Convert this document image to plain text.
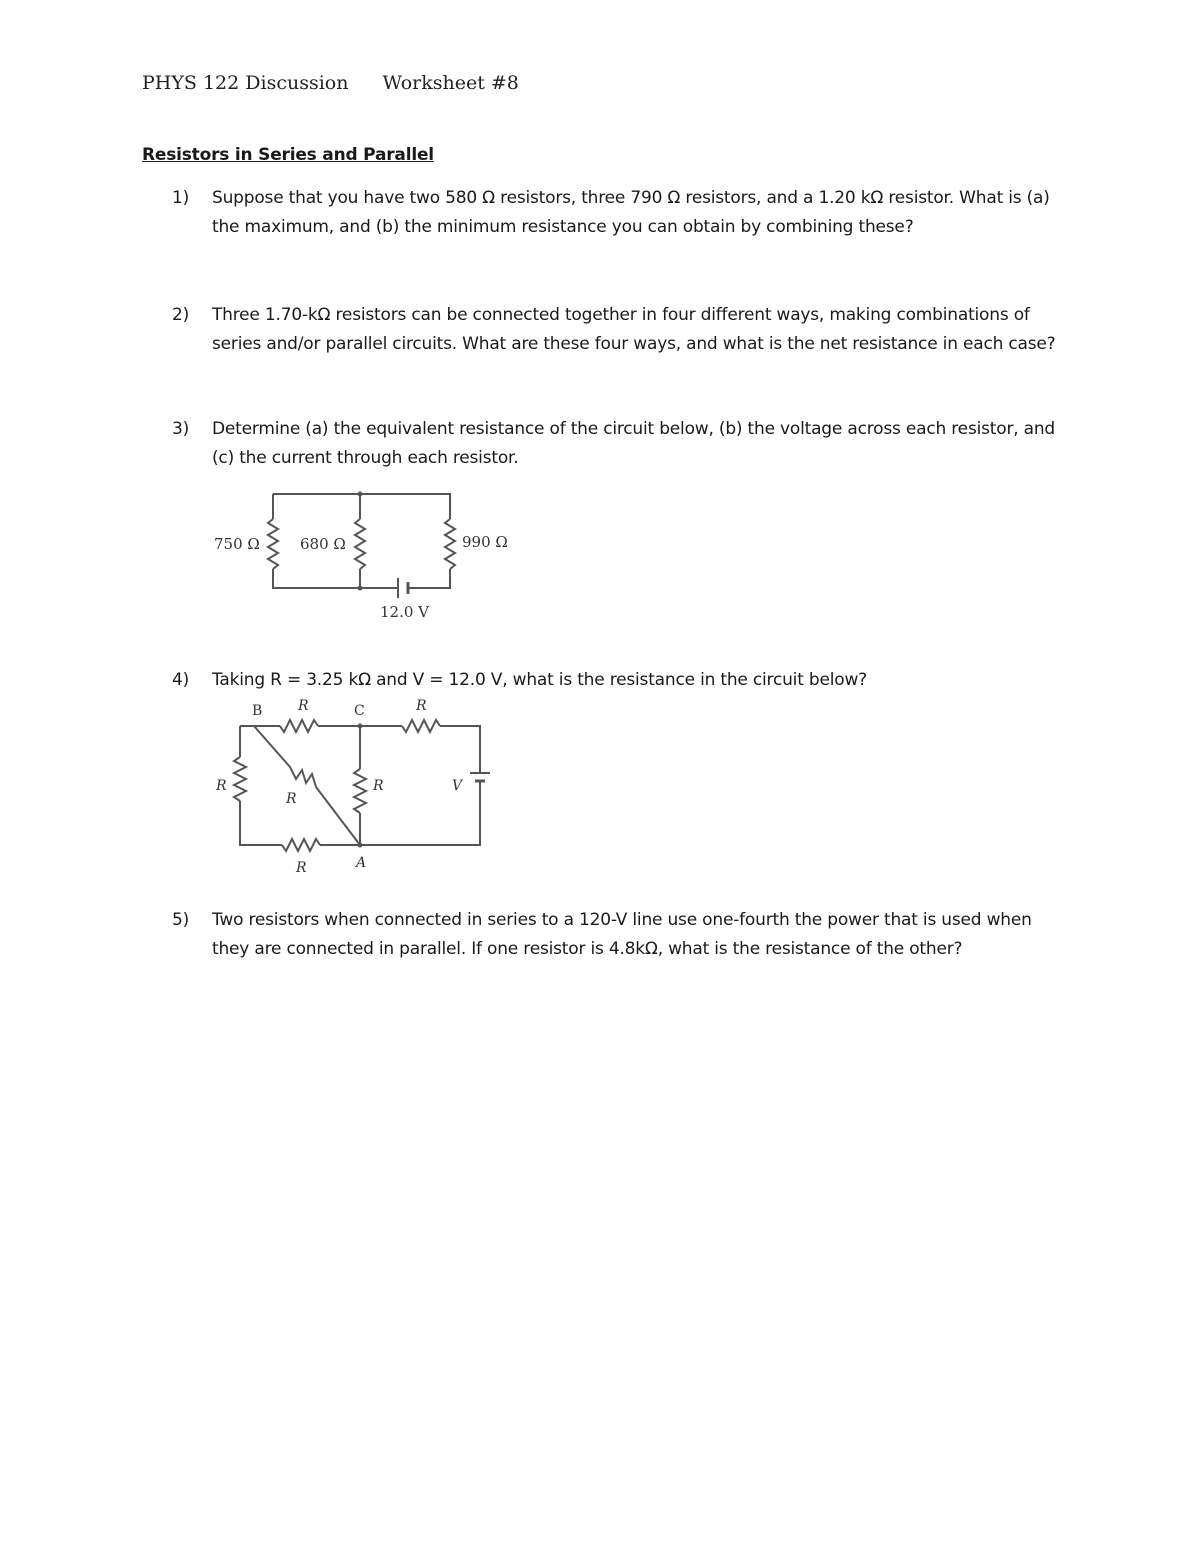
PHYS 122 Discussion Worksheet #8
Resistors in Series and Parallel
1) Suppose that you have two 580 Ω resistors, three 790 Ω resistors, and a 1.20 kΩ resistor. What is (a) the maximum, and (b) the minimum resistance you can obtain by combining these?
2) Three 1.70-kΩ resistors can be connected together in four different ways, making combinations of series and/or parallel circuits. What are these four ways, and what is the net resistance in each case?
3) Determine (a) the equivalent resistance of the circuit below, (b) the voltage across each resistor, and (c) the current through each resistor.
750 Ω	680 Ω	990 Ω
12.0 V
4) Taking R = 3.25 kΩ and V = 12.0 V, what is the resistance in the circuit below?
B	C
R	R
R
R
R	V
R	A
5) Two resistors when connected in series to a 120-V line use one-fourth the power that is used when they are connected in parallel. If one resistor is 4.8kΩ, what is the resistance of the other?
